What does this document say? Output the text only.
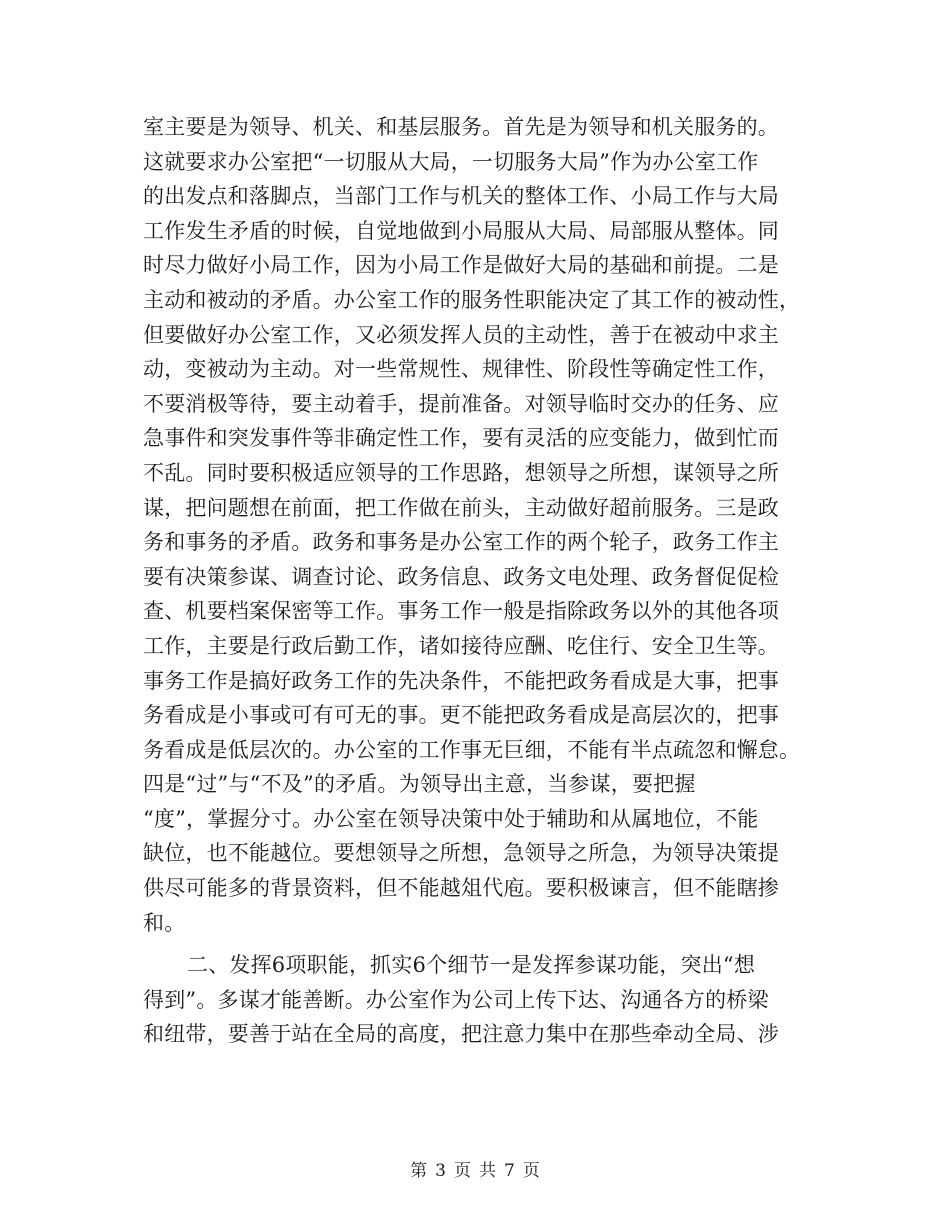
室主要是为领导、机关、和基层服务。首先是为领导和机关服务的。
这就要求办公室把“一切服从大局，一切服务大局”作为办公室工作
的出发点和落脚点，当部门工作与机关的整体工作、小局工作与大局
工作发生矛盾的时候，自觉地做到小局服从大局、局部服从整体。同
时尽力做好小局工作，因为小局工作是做好大局的基础和前提。二是
主动和被动的矛盾。办公室工作的服务性职能决定了其工作的被动性，
但要做好办公室工作，又必须发挥人员的主动性，善于在被动中求主
动，变被动为主动。对一些常规性、规律性、阶段性等确定性工作，
不要消极等待，要主动着手，提前准备。对领导临时交办的任务、应
急事件和突发事件等非确定性工作，要有灵活的应变能力，做到忙而
不乱。同时要积极适应领导的工作思路，想领导之所想，谋领导之所
谋，把问题想在前面，把工作做在前头，主动做好超前服务。三是政
务和事务的矛盾。政务和事务是办公室工作的两个轮子，政务工作主
要有决策参谋、调查讨论、政务信息、政务文电处理、政务督促促检
查、机要档案保密等工作。事务工作一般是指除政务以外的其他各项
工作，主要是行政后勤工作，诸如接待应酬、吃住行、安全卫生等。
事务工作是搞好政务工作的先决条件，不能把政务看成是大事，把事
务看成是小事或可有可无的事。更不能把政务看成是高层次的，把事
务看成是低层次的。办公室的工作事无巨细，不能有半点疏忽和懈怠。
四是“过”与“不及”的矛盾。为领导出主意，当参谋，要把握
“度”，掌握分寸。办公室在领导决策中处于辅助和从属地位，不能
缺位，也不能越位。要想领导之所想，急领导之所急，为领导决策提
供尽可能多的背景资料，但不能越俎代庖。要积极谏言，但不能瞎掺
和。
二、发挥6项职能，抓实6个细节一是发挥参谋功能，突出“想
得到”。多谋才能善断。办公室作为公司上传下达、沟通各方的桥梁
和纽带，要善于站在全局的高度，把注意力集中在那些牵动全局、涉
第 3 页 共 7 页
